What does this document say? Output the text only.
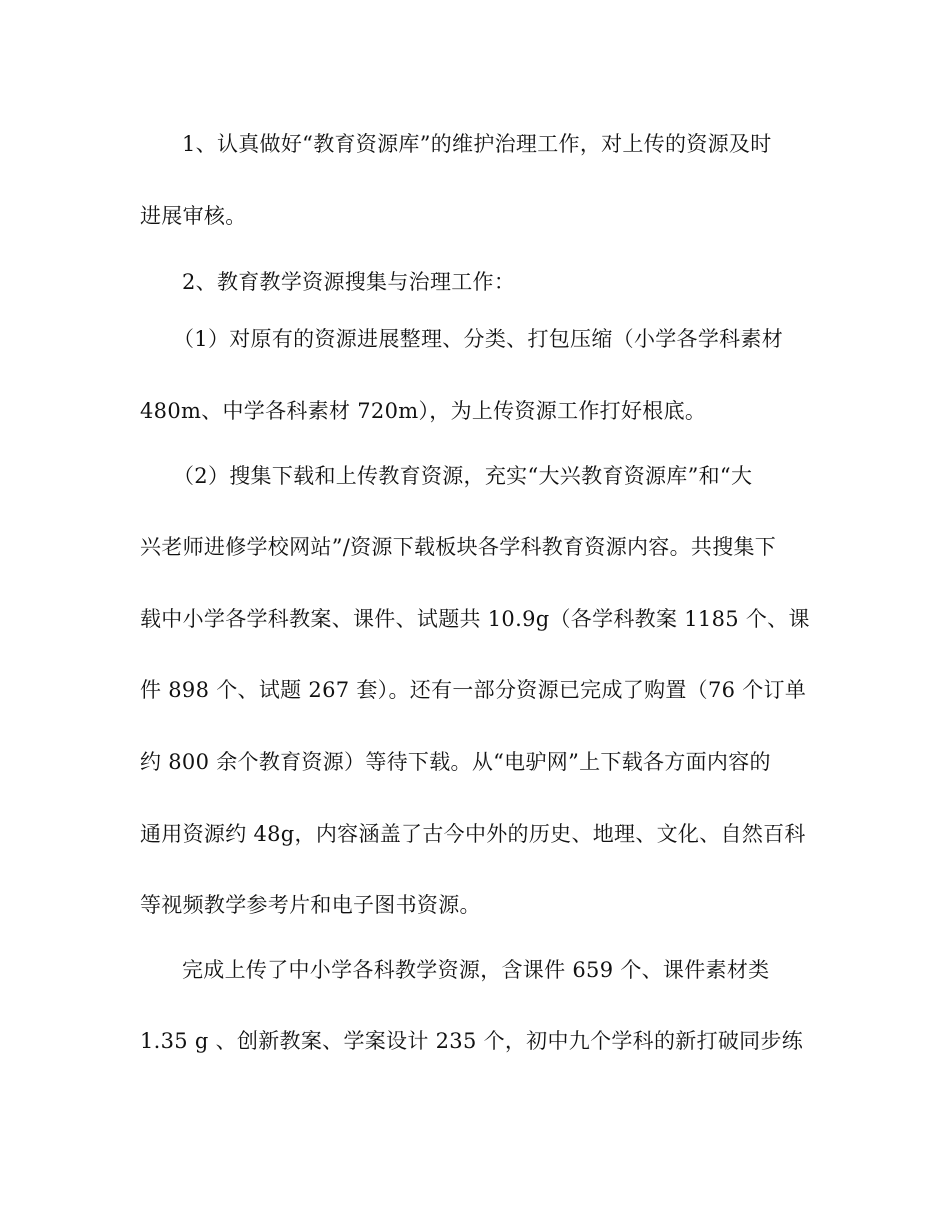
1、认真做好“教育资源库”的维护治理工作，对上传的资源及时
进展审核。
2、教育教学资源搜集与治理工作：
（1）对原有的资源进展整理、分类、打包压缩（小学各学科素材
480m、中学各科素材 720m），为上传资源工作打好根底。
（2）搜集下载和上传教育资源，充实“大兴教育资源库”和“大
兴老师进修学校网站”/资源下载板块各学科教育资源内容。共搜集下
载中小学各学科教案、课件、试题共 10.9g（各学科教案 1185 个、课
件 898 个、试题 267 套）。还有一部分资源已完成了购置（76 个订单
约 800 余个教育资源）等待下载。从“电驴网”上下载各方面内容的
通用资源约 48g，内容涵盖了古今中外的历史、地理、文化、自然百科
等视频教学参考片和电子图书资源。
完成上传了中小学各科教学资源，含课件 659 个、课件素材类
1.35 g 、创新教案、学案设计 235 个，初中九个学科的新打破同步练
